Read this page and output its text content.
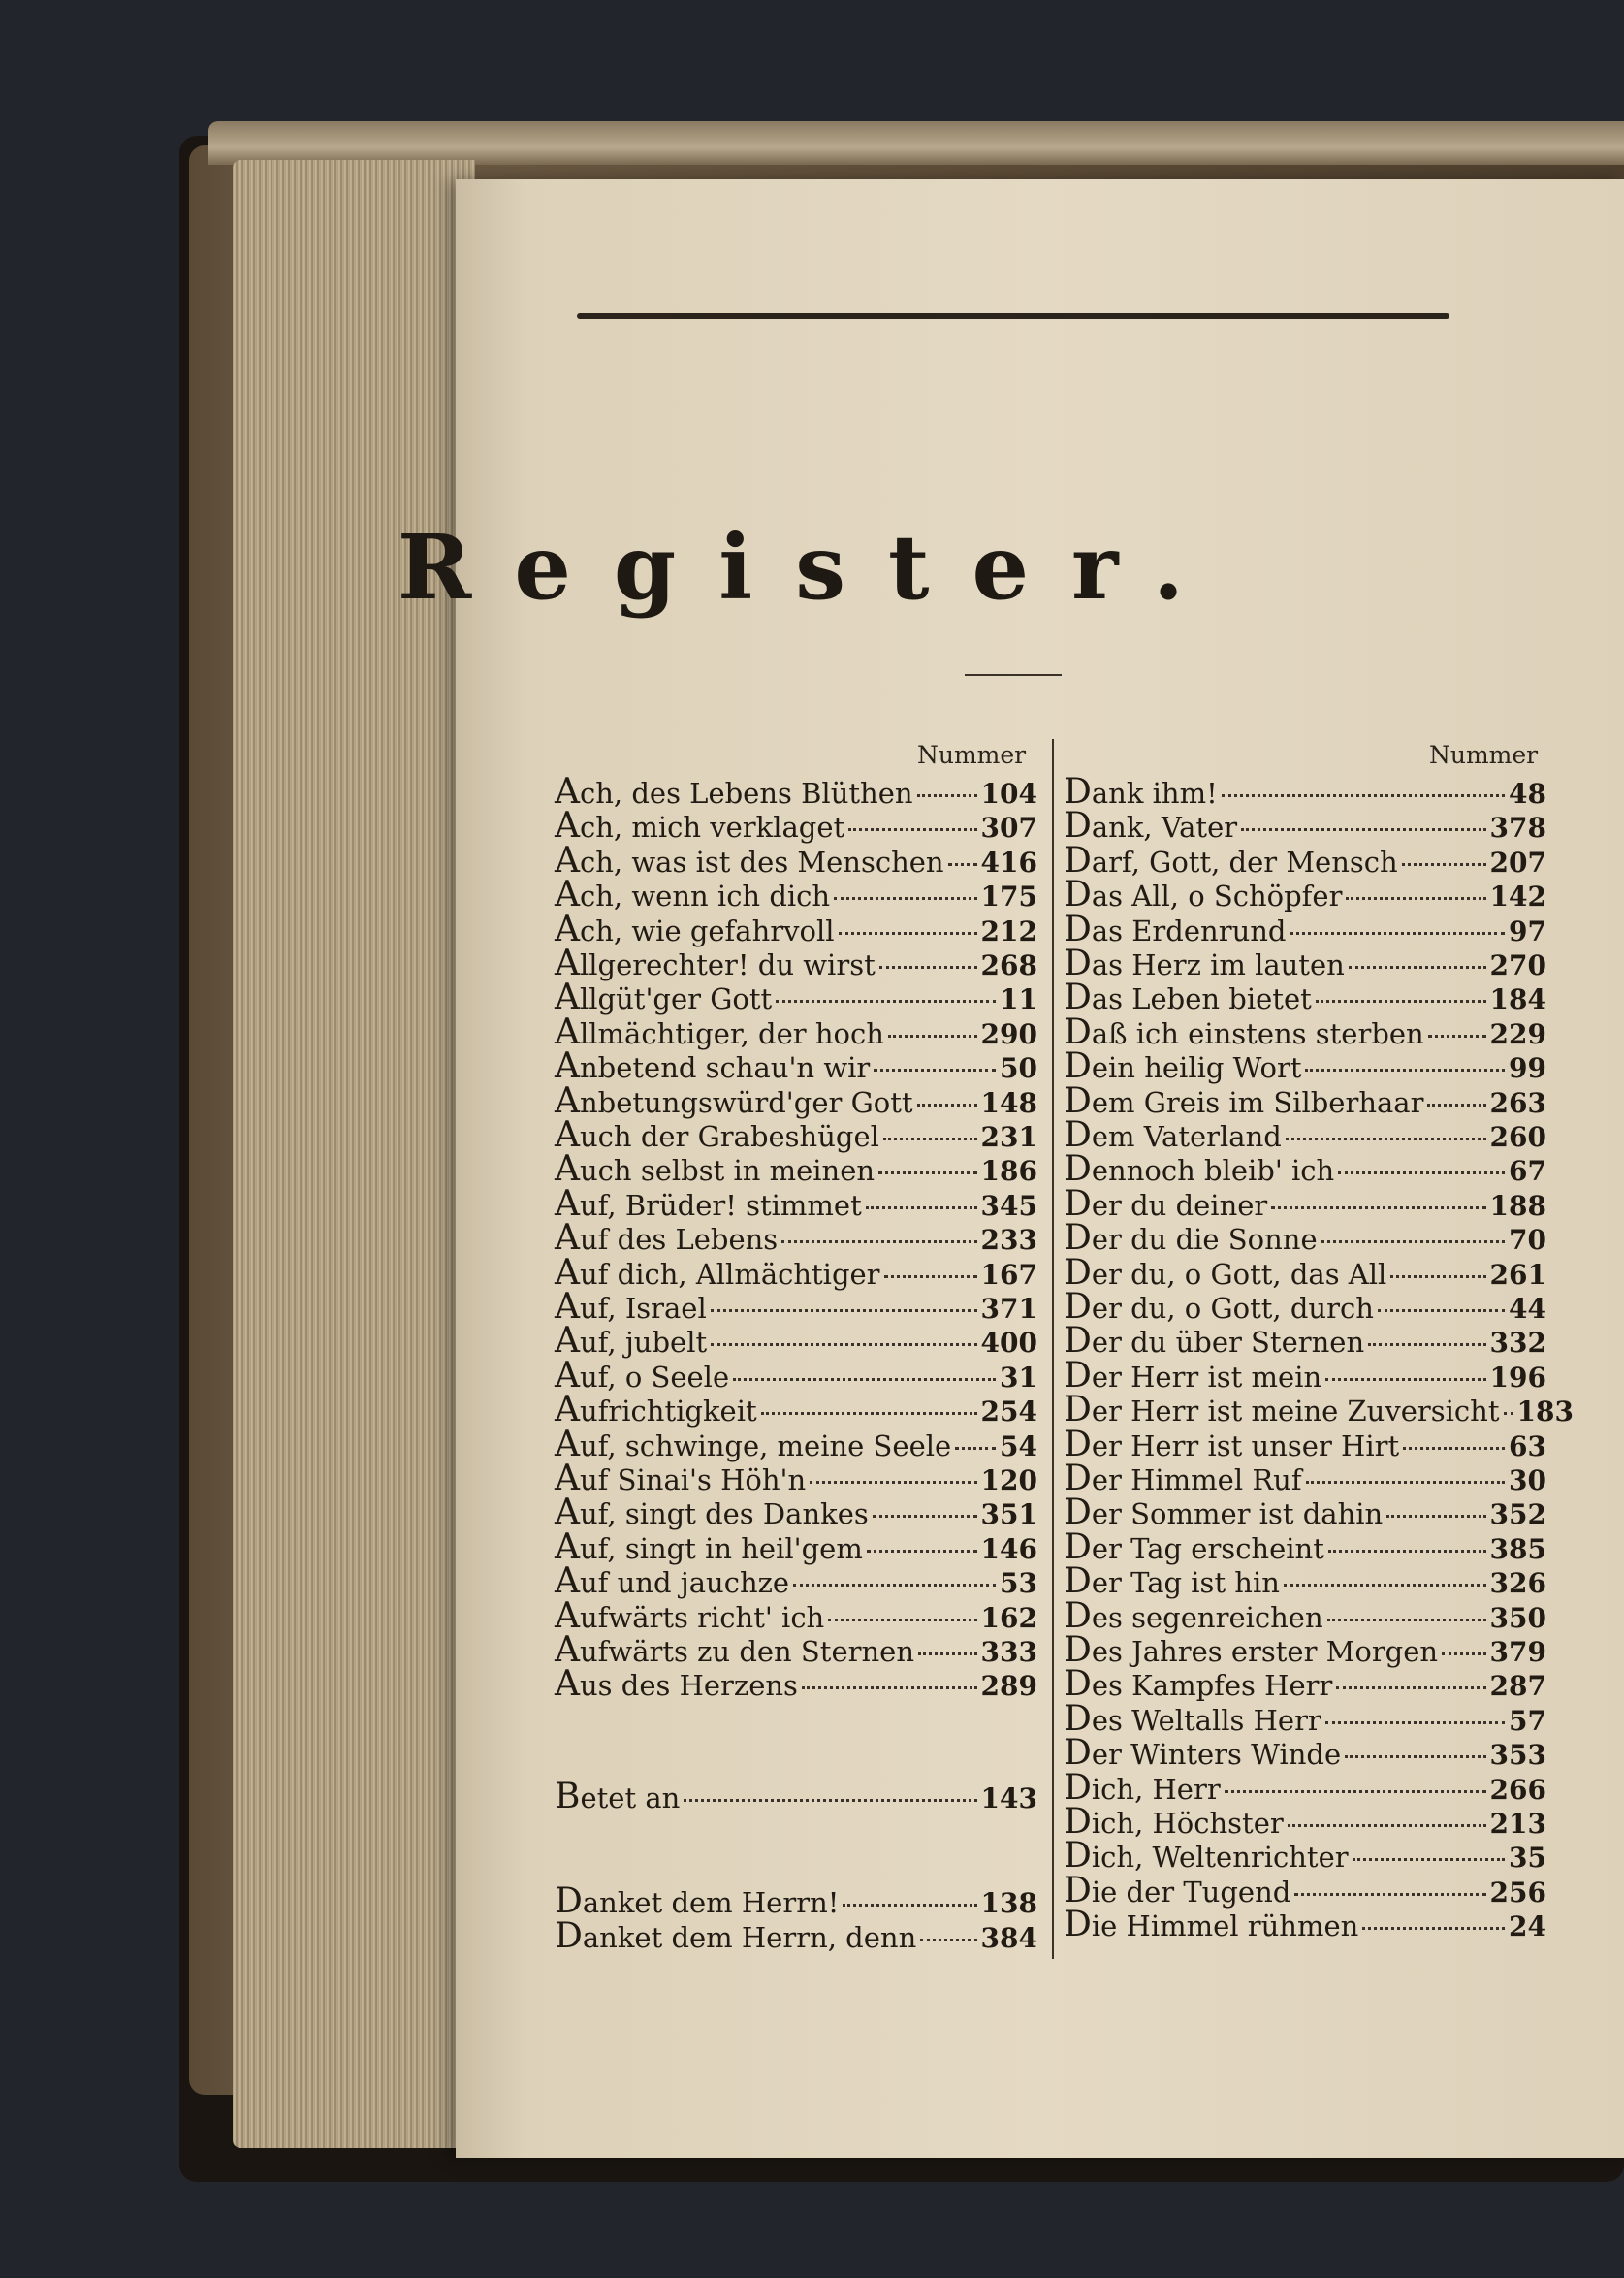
Register.

Nummer	Nummer

Ach, des Lebens Blüthen	104
Ach, mich verklaget	307
Ach, was ist des Menschen 416
Ach, wenn ich dich	175
Ach, wie gefahrvoll	212
Allgerechter! du wirst	268
Allgüt'ger Gott	11
Allmächtiger, der hoch	290
Anbetend schau'n wir	50
Anbetungswürd'ger Gott	148
Auch der Grabeshügel	231
Auch selbst in meinen	186
Auf, Brüder! stimmet	345
Auf des Lebens	233
Auf dich, Allmächtiger	167
Auf, Israel	371
Auf, jubelt	400
Auf, o Seele	31
Aufrichtigkeit	254
Auf, schwinge, meine Seele 54
Auf Sinai's Höh'n	120
Auf, singt des Dankes	351
Auf, singt in heil'gem	146
Auf und jauchze	53
Aufwärts richt' ich	162
Aufwärts zu den Sternen 333
Aus des Herzens	289
Betet an	143
Danket dem Herrn!	138
Danket dem Herrn, denn 384
Dank ihm!	48
Dank, Vater	378
Darf, Gott, der Mensch	207
Das All, o Schöpfer	142
Das Erdenrund	97
Das Herz im lauten	270
Das Leben bietet	184
Daß ich einstens sterben 229
Dein heilig Wort	99
Dem Greis im Silberhaar 263
Dem Vaterland	260
Dennoch bleib' ich	67
Der du deiner	188
Der du die Sonne	70
Der du, o Gott, das All	261
Der du, o Gott, durch	44
Der du über Sternen	332
Der Herr ist mein	196
Der Herr ist meine Zuversicht 183
Der Herr ist unser Hirt	63
Der Himmel Ruf	30
Der Sommer ist dahin	352
Der Tag erscheint	385
Der Tag ist hin	326
Des segenreichen	350
Des Jahres erster Morgen 379
Des Kampfes Herr	287
Des Weltalls Herr	57
Der Winters Winde	353
Dich, Herr	266
Dich, Höchster	213
Dich, Weltenrichter	35
Die der Tugend	256
Die Himmel rühmen	24
